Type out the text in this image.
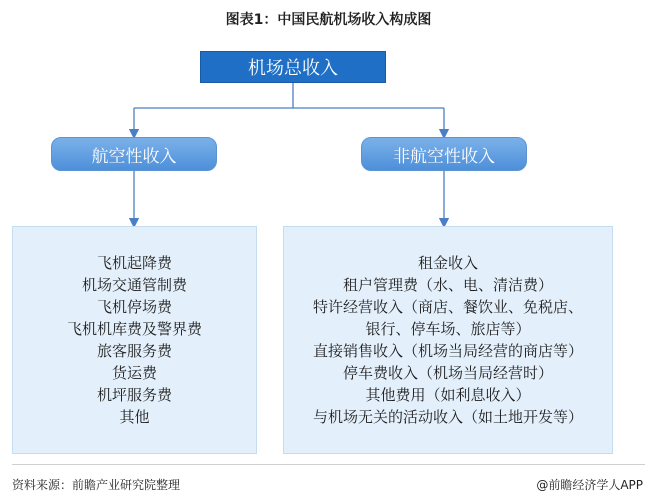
图表1：中国民航机场收入构成图
机场总收入
航空性收入	非航空性收入
飞机起降费
机场交通管制费
飞机停场费
飞机机库费及警界费
旅客服务费
货运费
机坪服务费
其他
租金收入
租户管理费（水、电、清洁费）
特许经营收入（商店、餐饮业、免税店、
银行、停车场、旅店等）
直接销售收入（机场当局经营的商店等）
停车费收入（机场当局经营时）
其他费用（如利息收入）
与机场无关的活动收入（如土地开发等）
资料来源：前瞻产业研究院整理	@前瞻经济学人APP
